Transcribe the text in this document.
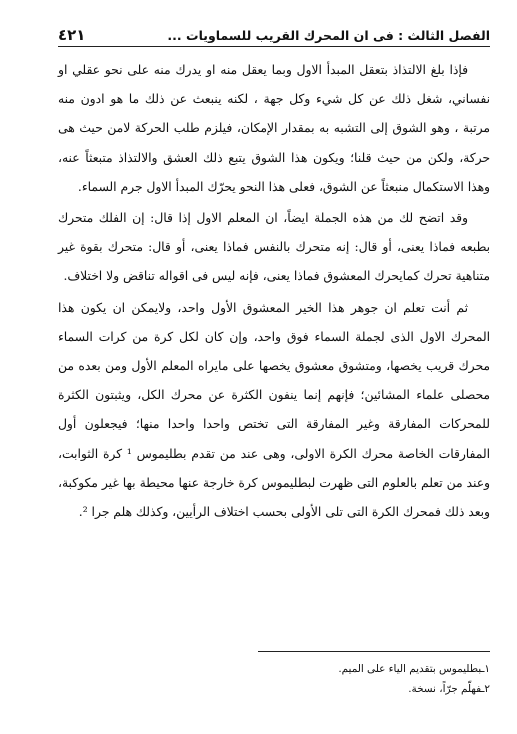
الفصل الثالث : فى ان المحرك القريب للسماويات ...
٤٢١

فإذا بلغ الالتذاذ بتعقل المبدأ الاول وبما يعقل منه او يدرك منه على نحو عقلي او نفساني، شغل ذلك عن كل شيء وكل جهة ، لكنه ينبعث عن ذلك ما هو ادون منه مرتبة ، وهو الشوق إلى التشبه به بمقدار الإمكان، فيلزم طلب الحركة لامن حيث هى حركة، ولكن من حيث قلنا؛ ويكون هذا الشوق يتبع ذلك العشق والالتذاذ متبعثاً عنه، وهذا الاستكمال منبعثاً عن الشوق، فعلى هذا النحو يحرّك المبدأ الاول جرم السماء.

وقد اتضح لك من هذه الجملة ايضاً، ان المعلم الاول إذا قال: إن الفلك متحرك بطبعه فماذا يعنى، أو قال: إنه متحرك بالنفس فماذا يعنى، أو قال: متحرك بقوة غير متناهية تحرك كمايحرك المعشوق فماذا يعنى، فإنه ليس فى اقواله تناقض ولا اختلاف.

ثم أنت تعلم ان جوهر هذا الخير المعشوق الأول واحد، ولايمكن ان يكون هذا المحرك الاول الذى لجملة السماء فوق واحد، وإن كان لكل كرة من كرات السماء محرك قريب يخصها، ومتشوق معشوق يخصها على مايراه المعلم الأول ومن بعده من محصلى علماء المشائين؛ فإنهم إنما ينفون الكثرة عن محرك الكل، ويثبتون الكثرة للمحركات المفارقة وغير المفارقة التى تختص واحدا واحدا منها؛ فيجعلون أول المفارقات الخاصة محرك الكرة الاولى، وهى عند من تقدم بطليموس ¹ كرة الثوابت، وعند من تعلم بالعلوم التى ظهرت لبطليموس كرة خارجة عنها محيطة بها غير مكوكبة، وبعد ذلك فمحرك الكرة التى تلى الأولى بحسب اختلاف الرأيين، وكذلك هلم جرا ².

١ـبطليموس بتقديم الياء على الميم.
٢ـفهلّم جرّاً، نسخة.
